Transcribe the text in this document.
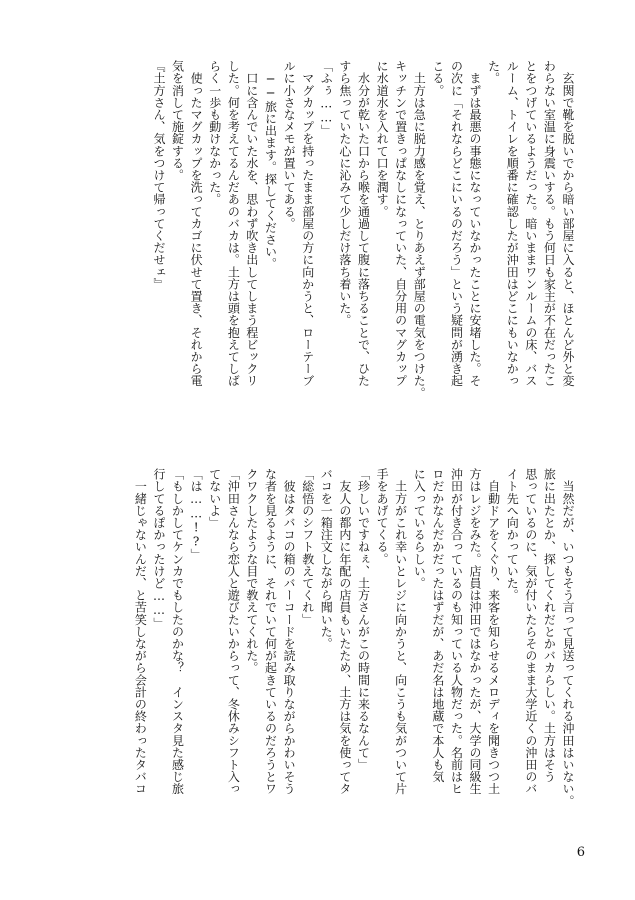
　玄関で靴を脱いでから暗い部屋に入ると、ほとんど外と変

わらない室温に身震いする。もう何日も家主が不在だったこ

とをつげているようだった。暗いままワンルームの床、バス

ルーム、トイレを順番に確認したが沖田はどこにもいなかっ

た。

　まずは最悪の事態になっていなかったことに安堵した。そ

の次に「それならどこにいるのだろう」という疑問が湧き起

こる。

　土方は急に脱力感を覚え、とりあえず部屋の電気をつけた。

キッチンで置きっぱなしになっていた、自分用のマグカップ

に水道水を入れて口を潤す。

　水分が乾いた口から喉を通過して腹に落ちることで、ひた

すら焦っていた心に沁みて少しだけ落ち着いた。

「ふぅ……」

　マグカップを持ったまま部屋の方に向かうと、ローテーブ

ルに小さなメモが置いてある。

　──旅に出ます。探してください。

　口に含んでいた水を、思わず吹き出してしまう程ビックリ

した。何を考えてるんだあのバカは。土方は頭を抱えてしば

らく一歩も動けなかった。

　使ったマグカップを洗ってカゴに伏せて置き、それから電

気を消して施錠する。

『土方さん、気をつけて帰ってくだせェ』

　当然だが、いつもそう言って見送ってくれる沖田はいない。

旅に出たとか、探してくれだとかバカらしい。土方はそう

思っているのに、気が付いたらそのまま大学近くの沖田のバ

イト先へ向かっていた。

　自動ドアをくぐり、来客を知らせるメロディを聞きつつ土

方はレジをみた。店員は沖田ではなかったが、大学の同級生

沖田が付き合っているのも知っている人物だった。名前はヒ

ロだかなんだかだったはずだが、あだ名は地蔵で本人も気

に入っているらしい。

　土方がこれ幸いとレジに向かうと、向こうも気がついて片

手をあげてくる。

「珍しいですねぇ、土方さんがこの時間に来るなんて」

　友人の都内に年配の店員もいたため、土方は気を使ってタ

バコを一箱注文しながら聞いた。

「総悟のシフト教えてくれ」

　彼はタバコの箱のバーコードを読み取りながらかわいそう

な者を見るように、それでいて何が起きているのだろうとワ

クワクしたような目で教えてくれた。

「沖田さんなら恋人と遊びたいからって、冬休みシフト入っ

てないよ」

「は……!?」

「もしかしてケンカでもしたのかな？　インスタ見た感じ旅

行してるぽかったけど……」

　一緒じゃないんだ、と苦笑しながら会計の終わったタバコ

6
